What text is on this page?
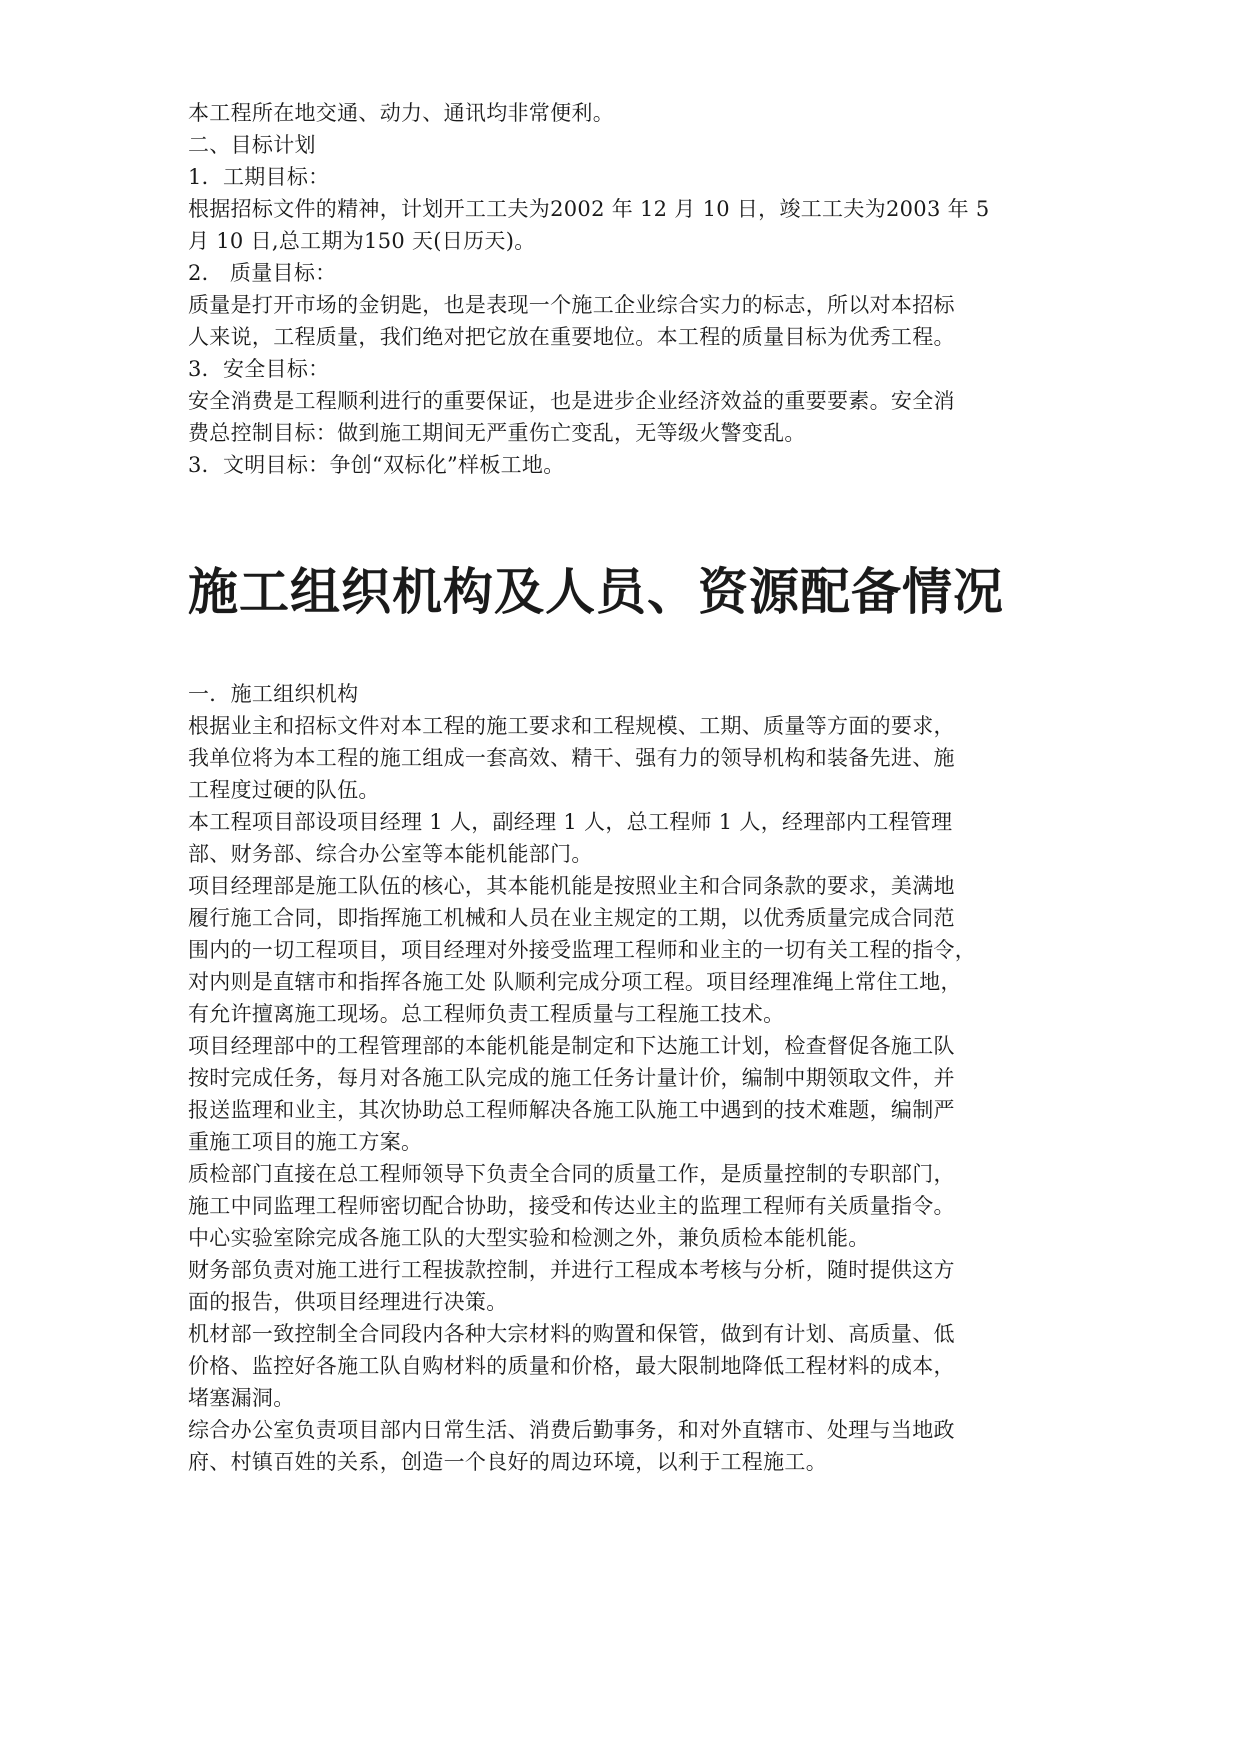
本工程所在地交通、动力、通讯均非常便利。
二、目标计划
1．工期目标：
根据招标文件的精神，计划开工工夫为2002 年 12 月 10 日，竣工工夫为2003 年 5
月 10 日,总工期为150 天(日历天)。
2． 质量目标：
质量是打开市场的金钥匙，也是表现一个施工企业综合实力的标志，所以对本招标
人来说，工程质量，我们绝对把它放在重要地位。本工程的质量目标为优秀工程。
3．安全目标：
安全消费是工程顺利进行的重要保证，也是进步企业经济效益的重要要素。安全消
费总控制目标：做到施工期间无严重伤亡变乱，无等级火警变乱。
3．文明目标：争创“双标化”样板工地。
施工组织机构及人员、资源配备情况
一．施工组织机构
根据业主和招标文件对本工程的施工要求和工程规模、工期、质量等方面的要求，
我单位将为本工程的施工组成一套高效、精干、强有力的领导机构和装备先进、施
工程度过硬的队伍。
本工程项目部设项目经理 1 人，副经理 1 人，总工程师 1 人，经理部内工程管理
部、财务部、综合办公室等本能机能部门。
项目经理部是施工队伍的核心，其本能机能是按照业主和合同条款的要求，美满地
履行施工合同，即指挥施工机械和人员在业主规定的工期，以优秀质量完成合同范
围内的一切工程项目，项目经理对外接受监理工程师和业主的一切有关工程的指令，
对内则是直辖市和指挥各施工处 队顺利完成分项工程。项目经理准绳上常住工地，
有允许擅离施工现场。总工程师负责工程质量与工程施工技术。
项目经理部中的工程管理部的本能机能是制定和下达施工计划，检查督促各施工队
按时完成任务，每月对各施工队完成的施工任务计量计价，编制中期领取文件，并
报送监理和业主，其次协助总工程师解决各施工队施工中遇到的技术难题，编制严
重施工项目的施工方案。
质检部门直接在总工程师领导下负责全合同的质量工作，是质量控制的专职部门，
施工中同监理工程师密切配合协助，接受和传达业主的监理工程师有关质量指令。
中心实验室除完成各施工队的大型实验和检测之外，兼负质检本能机能。
财务部负责对施工进行工程拔款控制，并进行工程成本考核与分析，随时提供这方
面的报告，供项目经理进行决策。
机材部一致控制全合同段内各种大宗材料的购置和保管，做到有计划、高质量、低
价格、监控好各施工队自购材料的质量和价格，最大限制地降低工程材料的成本，
堵塞漏洞。
综合办公室负责项目部内日常生活、消费后勤事务，和对外直辖市、处理与当地政
府、村镇百姓的关系，创造一个良好的周边环境，以利于工程施工。
